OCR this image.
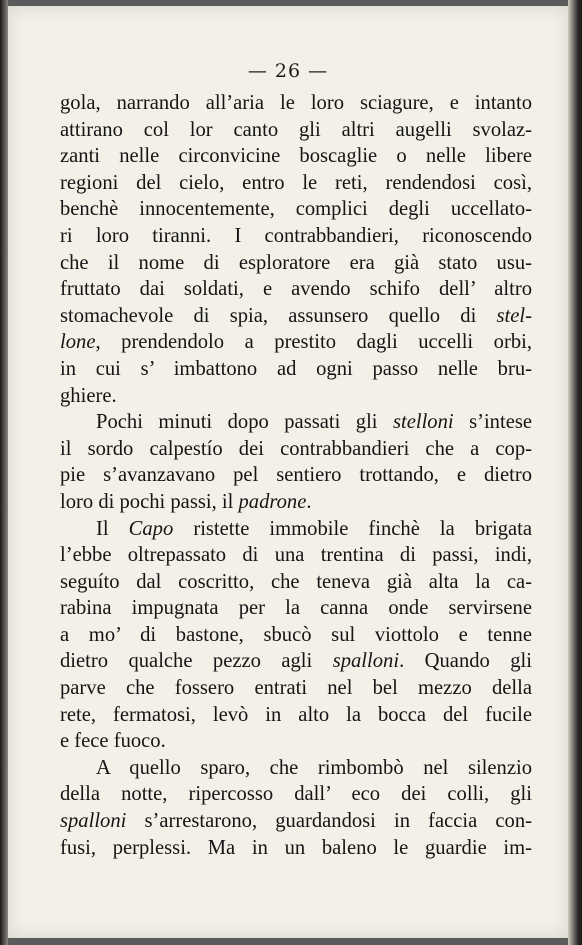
— 26 —
gola, narrando all’aria le loro sciagure, e intanto
attirano col lor canto gli altri augelli svolaz-
zanti nelle circonvicine boscaglie o nelle libere
regioni del cielo, entro le reti, rendendosi così,
benchè innocentemente, complici degli uccellato-
ri loro tiranni. I contrabbandieri, riconoscendo
che il nome di esploratore era già stato usu-
fruttato dai soldati, e avendo schifo dell’ altro
stomachevole di spia, assunsero quello di stel-
lone, prendendolo a prestito dagli uccelli orbi,
in cui s’ imbattono ad ogni passo nelle bru-
ghiere.
Pochi minuti dopo passati gli stelloni s’intese
il sordo calpestío dei contrabbandieri che a cop-
pie s’avanzavano pel sentiero trottando, e dietro
loro di pochi passi, il padrone.
Il Capo ristette immobile finchè la brigata
l’ebbe oltrepassato di una trentina di passi, indi,
seguíto dal coscritto, che teneva già alta la ca-
rabina impugnata per la canna onde servirsene
a mo’ di bastone, sbucò sul viottolo e tenne
dietro qualche pezzo agli spalloni. Quando gli
parve che fossero entrati nel bel mezzo della
rete, fermatosi, levò in alto la bocca del fucile
e fece fuoco.
A quello sparo, che rimbombò nel silenzio
della notte, ripercosso dall’ eco dei colli, gli
spalloni s’arrestarono, guardandosi in faccia con-
fusi, perplessi. Ma in un baleno le guardie im-
